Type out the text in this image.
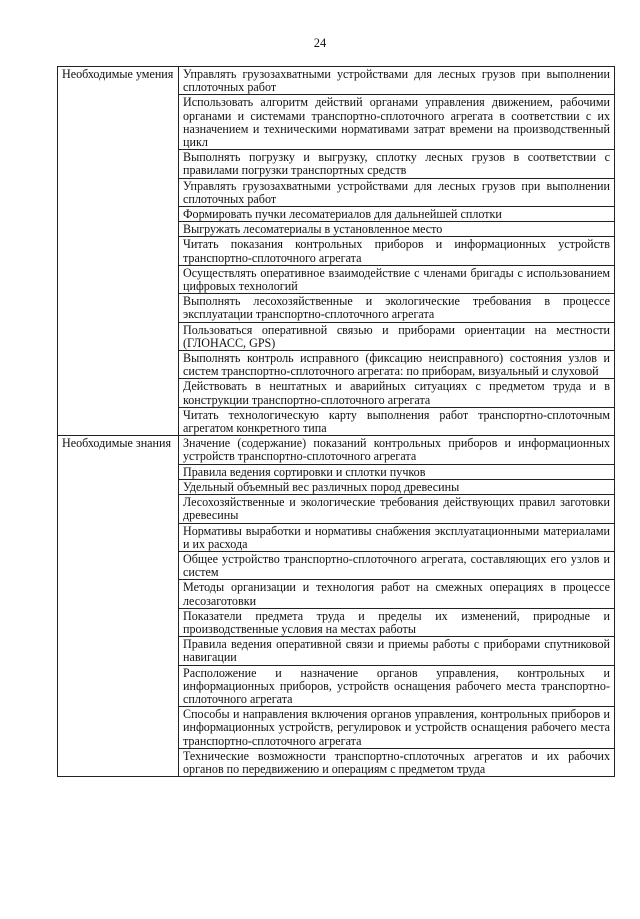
24
Необходимые умения	Управлять грузозахватными устройствами для лесных грузов при выполнении сплоточных работ
	Использовать алгоритм действий органами управления движением, рабочими органами и системами транспортно-сплоточного агрегата в соответствии с их назначением и техническими нормативами затрат времени на производственный цикл
	Выполнять погрузку и выгрузку, сплотку лесных грузов в соответствии с правилами погрузки транспортных средств
	Управлять грузозахватными устройствами для лесных грузов при выполнении сплоточных работ
	Формировать пучки лесоматериалов для дальнейшей сплотки
	Выгружать лесоматериалы в установленное место
	Читать показания контрольных приборов и информационных устройств транспортно-сплоточного агрегата
	Осуществлять оперативное взаимодействие с членами бригады с использованием цифровых технологий
	Выполнять лесохозяйственные и экологические требования в процессе эксплуатации транспортно-сплоточного агрегата
	Пользоваться оперативной связью и приборами ориентации на местности (ГЛОНАСС, GPS)
	Выполнять контроль исправного (фиксацию неисправного) состояния узлов и систем транспортно-сплоточного агрегата: по приборам, визуальный и слуховой
	Действовать в нештатных и аварийных ситуациях с предметом труда и в конструкции транспортно-сплоточного агрегата
	Читать технологическую карту выполнения работ транспортно-сплоточным агрегатом конкретного типа
Необходимые знания	Значение (содержание) показаний контрольных приборов и информационных устройств транспортно-сплоточного агрегата
	Правила ведения сортировки и сплотки пучков
	Удельный объемный вес различных пород древесины
	Лесохозяйственные и экологические требования действующих правил заготовки древесины
	Нормативы выработки и нормативы снабжения эксплуатационными материалами и их расхода
	Общее устройство транспортно-сплоточного агрегата, составляющих его узлов и систем
	Методы организации и технология работ на смежных операциях в процессе лесозаготовки
	Показатели предмета труда и пределы их изменений, природные и производственные условия на местах работы
	Правила ведения оперативной связи и приемы работы с приборами спутниковой навигации
	Расположение и назначение органов управления, контрольных и информационных приборов, устройств оснащения рабочего места транспортно-сплоточного агрегата
	Способы и направления включения органов управления, контрольных приборов и информационных устройств, регулировок и устройств оснащения рабочего места транспортно-сплоточного агрегата
	Технические возможности транспортно-сплоточных агрегатов и их рабочих органов по передвижению и операциям с предметом труда
